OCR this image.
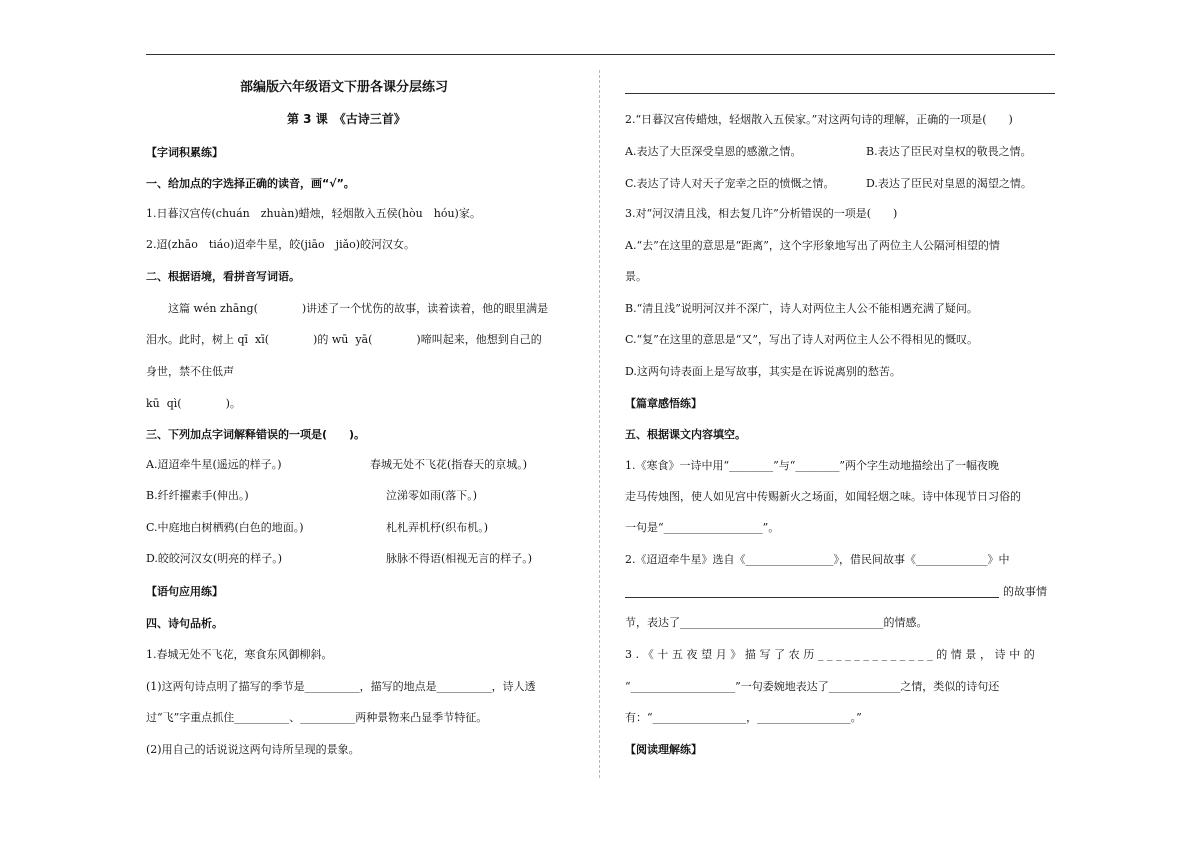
部编版六年级语文下册各课分层练习
第 3 课　《古诗三首》
【字词积累练】
一、给加点的字选择正确的读音，画“√”。
1.日暮汉宫传(chuán　zhuàn)蜡烛，轻烟散入五侯(hòu　hóu)家。
2.迢(zhāo　tiáo)迢牵牛星，皎(jiāo　jiǎo)皎河汉女。
二、根据语境，看拼音写词语。
　　这篇 wén zhāng(　　　　)讲述了一个忧伤的故事，读着读着，他的眼里满是
泪水。此时，树上 qī  xī(　　　　)的 wū  yā(　　　　)啼叫起来，他想到自己的
身世，禁不住低声
kū  qì(　　　　)。
三、下列加点字词解释错误的一项是(　　)。
A.迢迢牵牛星(遥远的样子。)	春城无处不飞花(指春天的京城。)
B.纤纤擢素手(伸出。)	泣涕零如雨(落下。)
C.中庭地白树栖鸦(白色的地面。)	札札弄机杼(织布机。)
D.皎皎河汉女(明亮的样子。)	脉脉不得语(相视无言的样子。)
【语句应用练】
四、诗句品析。
1.春城无处不飞花，寒食东风御柳斜。
(1)这两句诗点明了描写的季节是__________，描写的地点是__________，诗人透
过“飞”字重点抓住__________、__________两种景物来凸显季节特征。
(2)用自己的话说说这两句诗所呈现的景象。
2.“日暮汉宫传蜡烛，轻烟散入五侯家。”对这两句诗的理解，正确的一项是(　　)
A.表达了大臣深受皇恩的感激之情。	B.表达了臣民对皇权的敬畏之情。
C.表达了诗人对天子宠幸之臣的愤慨之情。	D.表达了臣民对皇恩的渴望之情。
3.对“河汉清且浅，相去复几许”分析错误的一项是(　　)
A.“去”在这里的意思是“距离”，这个字形象地写出了两位主人公隔河相望的情
景。
B.“清且浅”说明河汉并不深广，诗人对两位主人公不能相遇充满了疑问。
C.“复”在这里的意思是“又”，写出了诗人对两位主人公不得相见的慨叹。
D.这两句诗表面上是写故事，其实是在诉说离别的愁苦。
【篇章感悟练】
五、根据课文内容填空。
1.《寒食》一诗中用“________”与“________”两个字生动地描绘出了一幅夜晚
走马传烛图，使人如见宫中传赐新火之场面，如闻轻烟之味。诗中体现节日习俗的
一句是“__________________”。
2.《迢迢牵牛星》选自《________________》，借民间故事《_____________》中
的故事情
节，表达了_____________________________________的情感。
3.《十五夜望月》描写了农历_____________的情景，诗中的
“___________________”一句委婉地表达了_____________之情，类似的诗句还
有：“_________________，_________________。”
【阅读理解练】
